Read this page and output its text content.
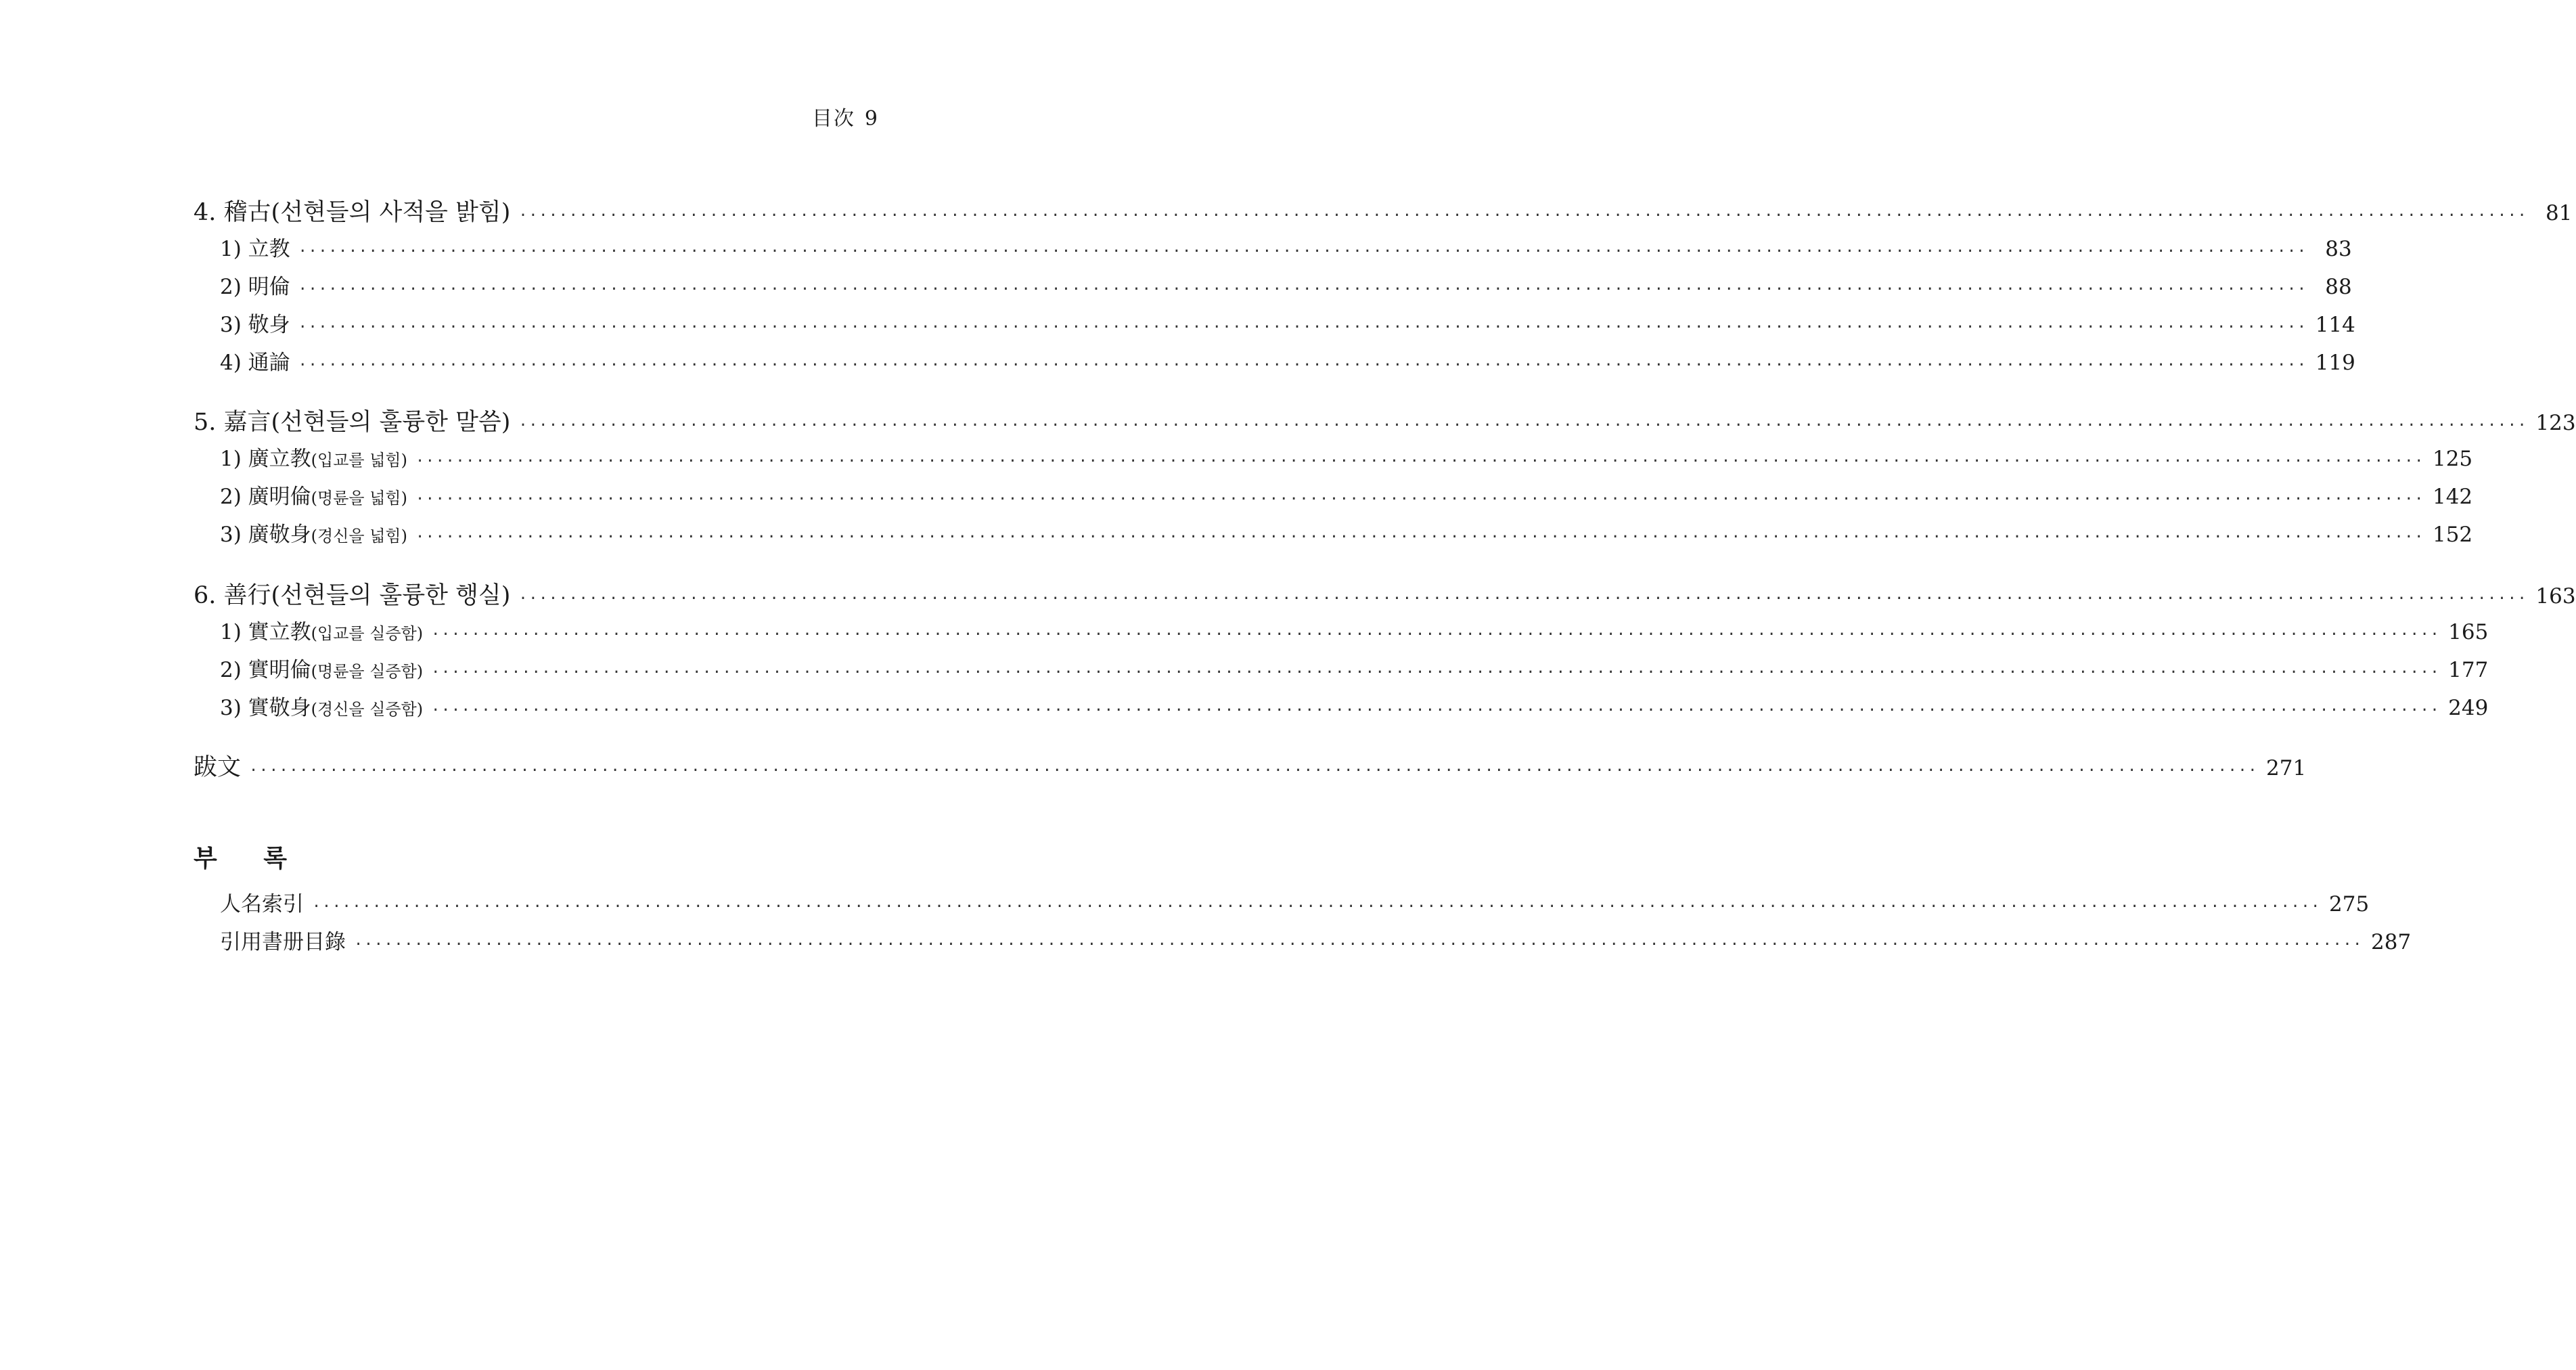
目次 9
4. 稽古(선현들의 사적을 밝힘) ········································································································································································································ 81
1) 立教 ········································································································································································································ 83
2) 明倫 ········································································································································································································ 88
3) 敬身 ········································································································································································································ 114
4) 通論 ········································································································································································································ 119
5. 嘉言(선현들의 훌륭한 말씀) ········································································································································································································ 123
1) 廣立教(입교를 넓힘) ········································································································································································································ 125
2) 廣明倫(명륜을 넓힘) ········································································································································································································ 142
3) 廣敬身(경신을 넓힘) ········································································································································································································ 152
6. 善行(선현들의 훌륭한 행실) ········································································································································································································ 163
1) 實立教(입교를 실증함) ········································································································································································································ 165
2) 實明倫(명륜을 실증함) ········································································································································································································ 177
3) 實敬身(경신을 실증함) ········································································································································································································ 249
跋文 ········································································································································································································ 271
부 록
人名索引 ········································································································································································································ 275
引用書册目錄 ········································································································································································································ 287
